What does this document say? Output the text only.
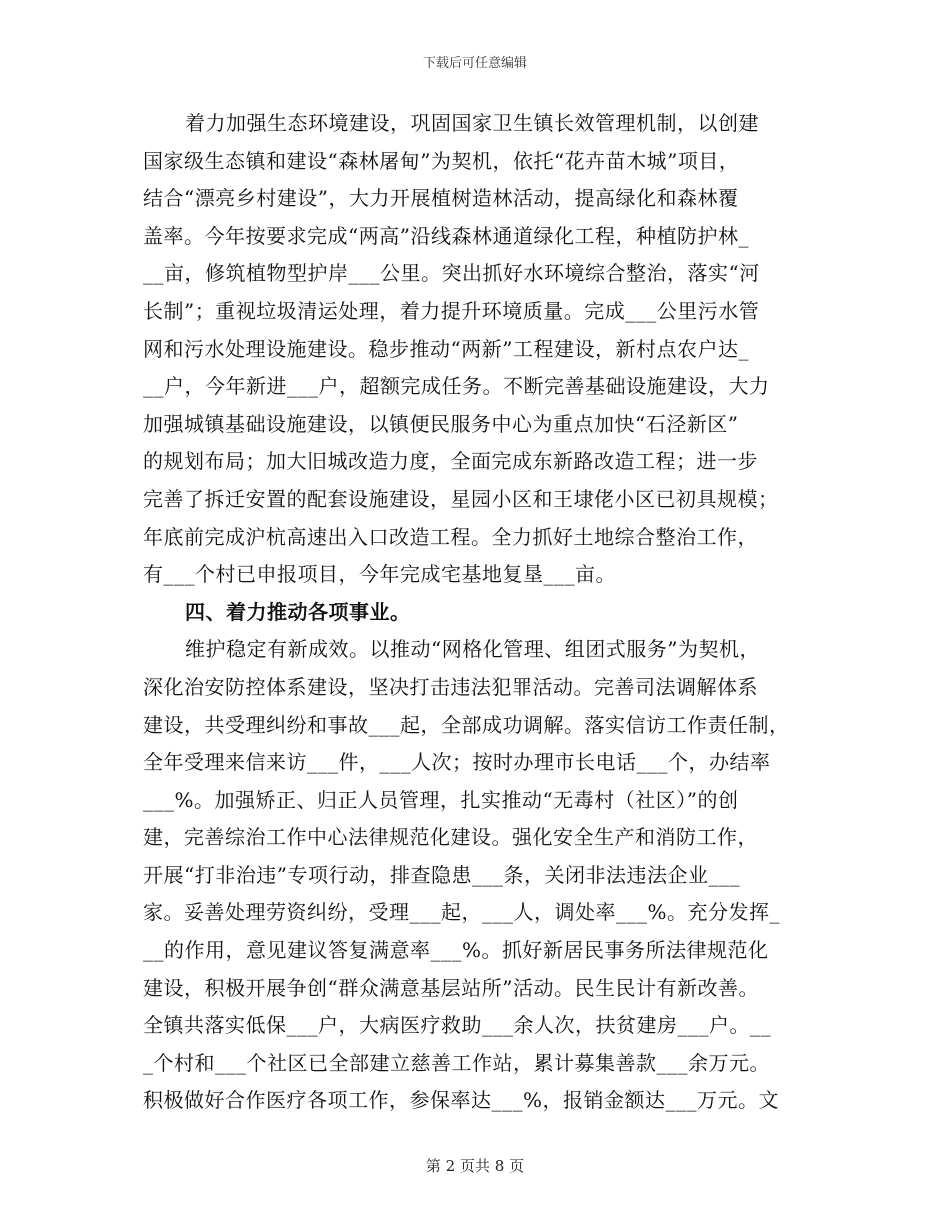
下载后可任意编辑
着力加强生态环境建设，巩固国家卫生镇长效管理机制，以创建
国家级生态镇和建设“森林屠甸”为契机，依托“花卉苗木城”项目，
结合“漂亮乡村建设”，大力开展植树造林活动，提高绿化和森林覆
盖率。今年按要求完成“两高”沿线森林通道绿化工程，种植防护林_
__亩，修筑植物型护岸___公里。突出抓好水环境综合整治，落实“河
长制”；重视垃圾清运处理，着力提升环境质量。完成___公里污水管
网和污水处理设施建设。稳步推动“两新”工程建设，新村点农户达_
__户，今年新进___户，超额完成任务。不断完善基础设施建设，大力
加强城镇基础设施建设，以镇便民服务中心为重点加快“石泾新区”
的规划布局；加大旧城改造力度，全面完成东新路改造工程；进一步
完善了拆迁安置的配套设施建设，星园小区和王埭佬小区已初具规模；
年底前完成沪杭高速出入口改造工程。全力抓好土地综合整治工作，
有___个村已申报项目，今年完成宅基地复垦___亩。
四、着力推动各项事业。
维护稳定有新成效。以推动“网格化管理、组团式服务”为契机，
深化治安防控体系建设，坚决打击违法犯罪活动。完善司法调解体系
建设，共受理纠纷和事故___起，全部成功调解。落实信访工作责任制，
全年受理来信来访___件，___人次；按时办理市长电话___个，办结率
___%。加强矫正、归正人员管理，扎实推动“无毒村（社区）”的创
建，完善综治工作中心法律规范化建设。强化安全生产和消防工作，
开展“打非治违”专项行动，排查隐患___条，关闭非法违法企业___
家。妥善处理劳资纠纷，受理___起，___人，调处率___%。充分发挥_
__的作用，意见建议答复满意率___%。抓好新居民事务所法律规范化
建设，积极开展争创“群众满意基层站所”活动。民生民计有新改善。
全镇共落实低保___户，大病医疗救助___余人次，扶贫建房___户。__
_个村和___个社区已全部建立慈善工作站，累计募集善款___余万元。
积极做好合作医疗各项工作，参保率达___%，报销金额达___万元。文
第 2 页共 8 页
